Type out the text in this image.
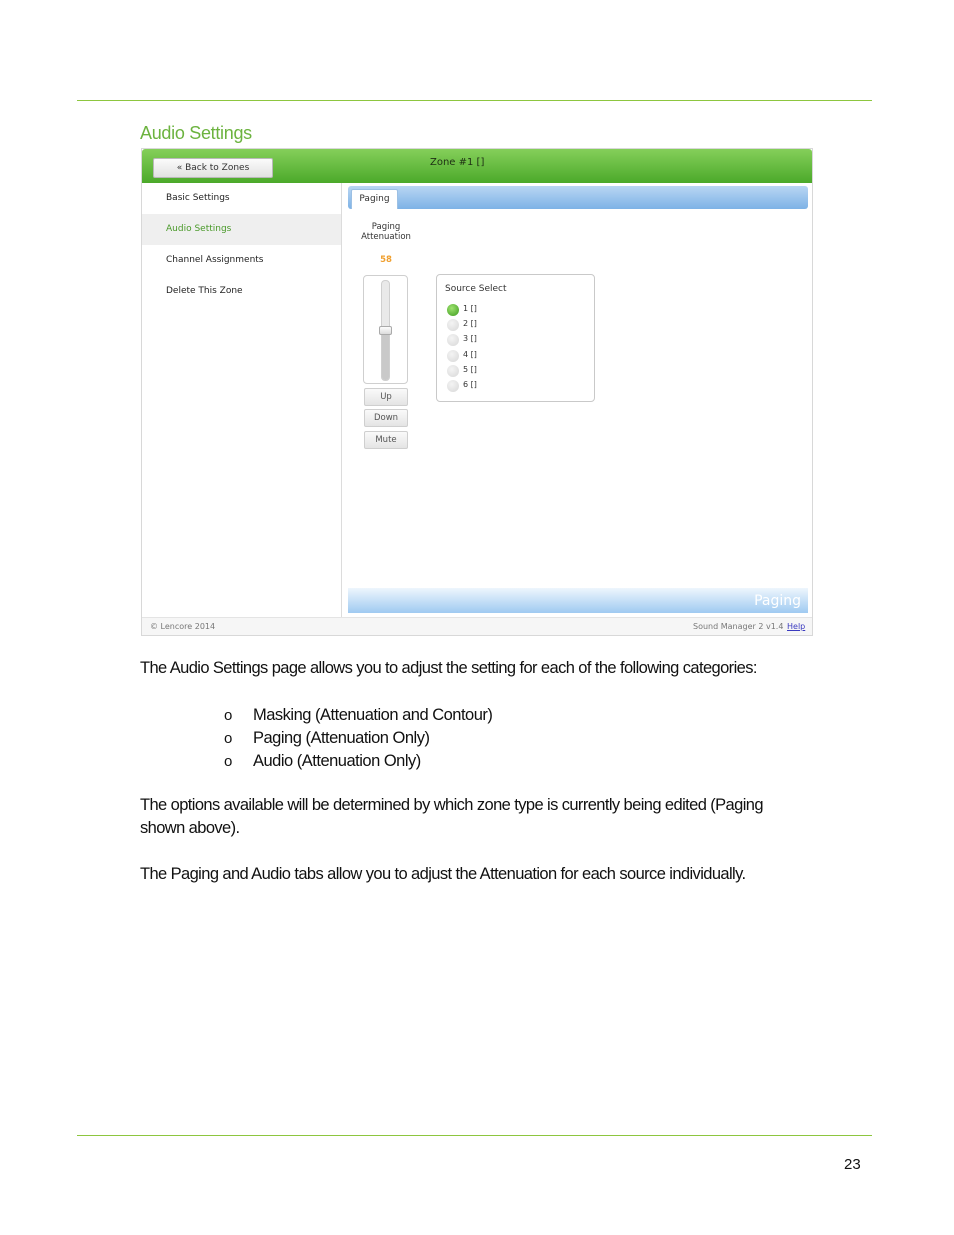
Audio Settings
« Back to Zones	Zone #1 []
Basic Settings
Audio Settings
Channel Assignments
Delete This Zone
Paging
Paging Attenuation
58
Up
Down
Mute
Source Select
1 []
2 []
3 []
4 []
5 []
6 []
Paging
© Lencore 2014	Sound Manager 2 v1.4 Help

The Audio Settings page allows you to adjust the setting for each of the following categories:

o Masking (Attenuation and Contour)
o Paging (Attenuation Only)
o Audio (Attenuation Only)

The options available will be determined by which zone type is currently being edited (Paging shown above).

The Paging and Audio tabs allow you to adjust the Attenuation for each source individually.

23
